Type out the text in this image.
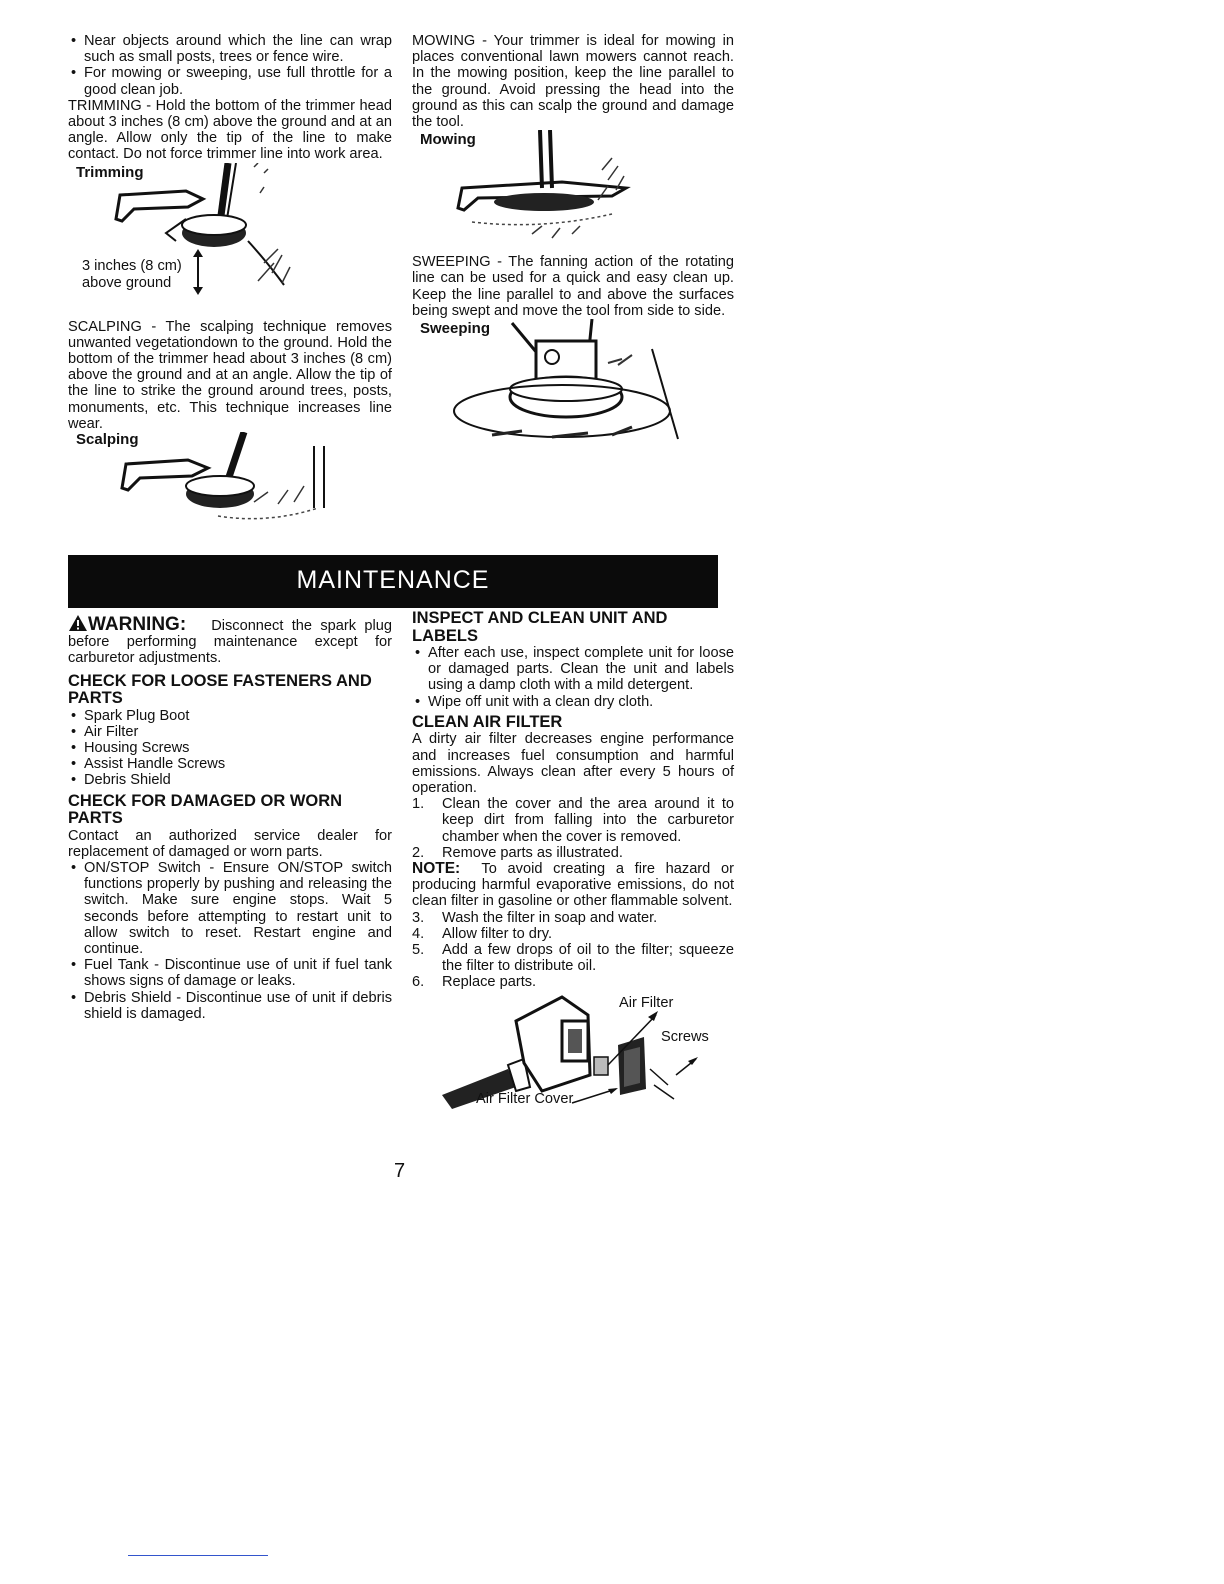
• Near objects around which the line can wrap such as small posts, trees or fence wire.
• For mowing or sweeping, use full throttle for a good clean job.

TRIMMING - Hold the bottom of the trimmer head about 3 inches (8 cm) above the ground and at an angle. Allow only the tip of the line to make contact. Do not force trimmer line into work area.

Trimming
3 inches (8 cm)
above ground

SCALPING - The scalping technique removes unwanted vegetationdown to the ground. Hold the bottom of the trimmer head about 3 inches (8 cm) above the ground and at an angle. Allow the tip of the line to strike the ground around trees, posts, monuments, etc. This technique increases line wear.

Scalping

MOWING - Your trimmer is ideal for mowing in places conventional lawn mowers cannot reach. In the mowing position, keep the line parallel to the ground. Avoid pressing the head into the ground as this can scalp the ground and damage the tool.

Mowing

SWEEPING - The fanning action of the rotating line can be used for a quick and easy clean up. Keep the line parallel to and above the surfaces being swept and move the tool from side to side.

Sweeping
MAINTENANCE

WARNING: Disconnect the spark plug before performing maintenance except for carburetor adjustments.

CHECK FOR LOOSE FASTENERS AND PARTS
• Spark Plug Boot
• Air Filter
• Housing Screws
• Assist Handle Screws
• Debris Shield
CHECK FOR DAMAGED OR WORN PARTS

Contact an authorized service dealer for replacement of damaged or worn parts.

• ON/STOP Switch - Ensure ON/STOP switch functions properly by pushing and releasing the switch. Make sure engine stops. Wait 5 seconds before attempting to restart unit to allow switch to reset. Restart engine and continue.
• Fuel Tank - Discontinue use of unit if fuel tank shows signs of damage or leaks.
• Debris Shield - Discontinue use of unit if debris shield is damaged.
INSPECT AND CLEAN UNIT AND LABELS
• After each use, inspect complete unit for loose or damaged parts. Clean the unit and labels using a damp cloth with a mild detergent.
• Wipe off unit with a clean dry cloth.
CLEAN AIR FILTER

A dirty air filter decreases engine performance and increases fuel consumption and harmful emissions. Always clean after every 5 hours of operation.

1. Clean the cover and the area around it to keep dirt from falling into the carburetor chamber when the cover is removed.
2. Remove parts as illustrated.

NOTE: To avoid creating a fire hazard or producing harmful evaporative emissions, do not clean filter in gasoline or other flammable solvent.

3. Wash the filter in soap and water.
4. Allow filter to dry.
5. Add a few drops of oil to the filter; squeeze the filter to distribute oil.
6. Replace parts.
Air Filter
Screws
Air Filter Cover
7
